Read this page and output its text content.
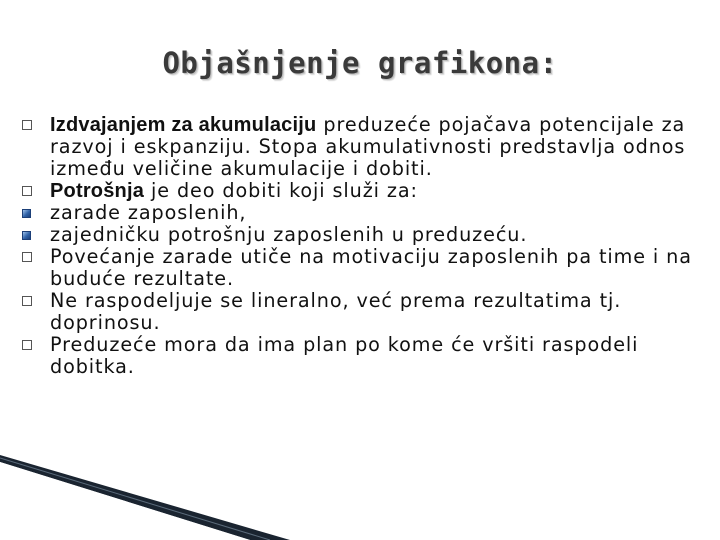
Objašnjenje grafikona:
Izdvajanjem za akumulaciju preduzeće pojačava potencijale za razvoj i eskpanziju. Stopa akumulativnosti predstavlja odnos između veličine akumulacije i dobiti.
Potrošnja je deo dobiti koji služi za:
zarade zaposlenih,
zajedničku potrošnju zaposlenih u preduzeću.
Povećanje zarade utiče na motivaciju zaposlenih pa time i na buduće rezultate.
Ne raspodeljuje se lineralno, već prema rezultatima tj. doprinosu.
Preduzeće mora da ima plan po kome će vršiti raspodeli dobitka.
